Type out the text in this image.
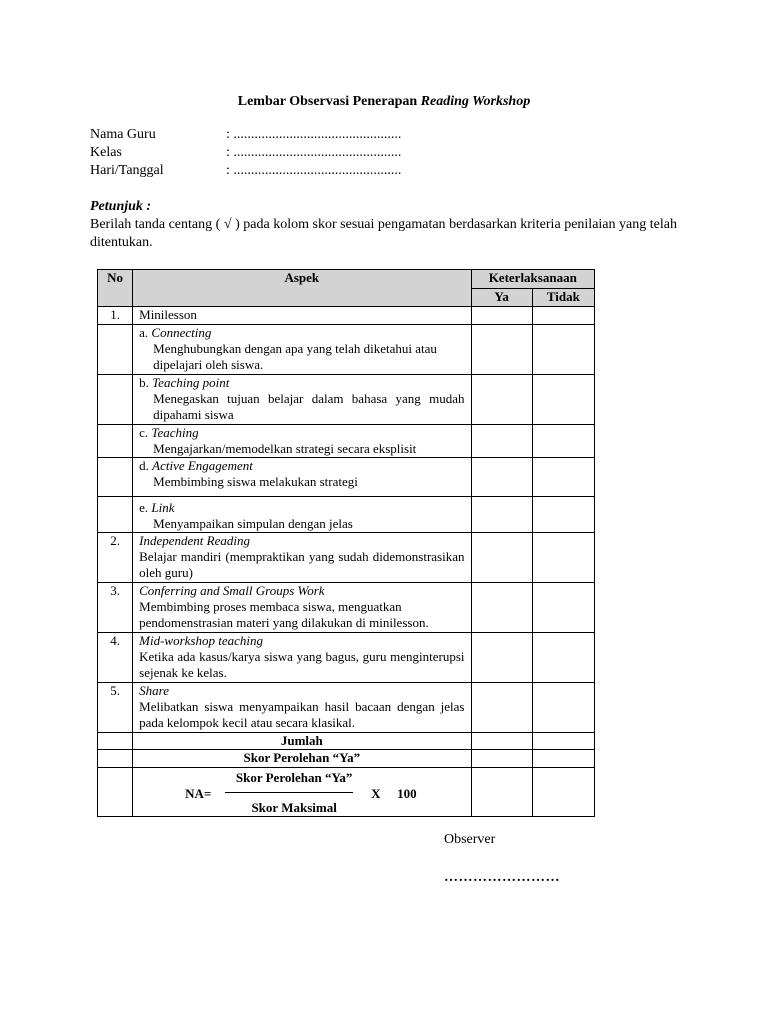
Lembar Observasi Penerapan Reading Workshop
Nama Guru	: ................................................
Kelas	: ................................................
Hari/Tanggal	: ................................................
Petunjuk :
Berilah tanda centang ( √ ) pada kolom skor sesuai pengamatan berdasarkan kriteria penilaian yang telah ditentukan.
No	Aspek	Keterlaksanaan	
		Ya	Tidak
1.	Minilesson		

	a. Connecting
Menghubungkan dengan apa yang telah diketahui atau dipelajari oleh siswa.		

	b. Teaching point
Menegaskan tujuan belajar dalam bahasa yang mudah dipahami siswa		

	c. Teaching
Mengajarkan/memodelkan strategi secara eksplisit		

	d. Active Engagement
Membimbing siswa melakukan strategi		

	e. Link
Menyampaikan simpulan dengan jelas		

2.	Independent Reading
Belajar mandiri (mempraktikan yang sudah didemonstrasikan oleh guru)		

3.	Conferring and Small Groups Work
Membimbing proses membaca siswa, menguatkan pendomenstrasian materi yang dilakukan di minilesson.		

4.	Mid-workshop teaching
Ketika ada kasus/karya siswa yang bagus, guru menginterupsi sejenak ke kelas.		

5.	Share
Melibatkan siswa menyampaikan hasil bacaan dengan jelas pada kelompok kecil atau secara klasikal.		

	Jumlah		
	Skor Perolehan “Ya”		

	NA=
Skor Perolehan “Ya”
Skor Maksimal
X 100		

Observer
……………………
